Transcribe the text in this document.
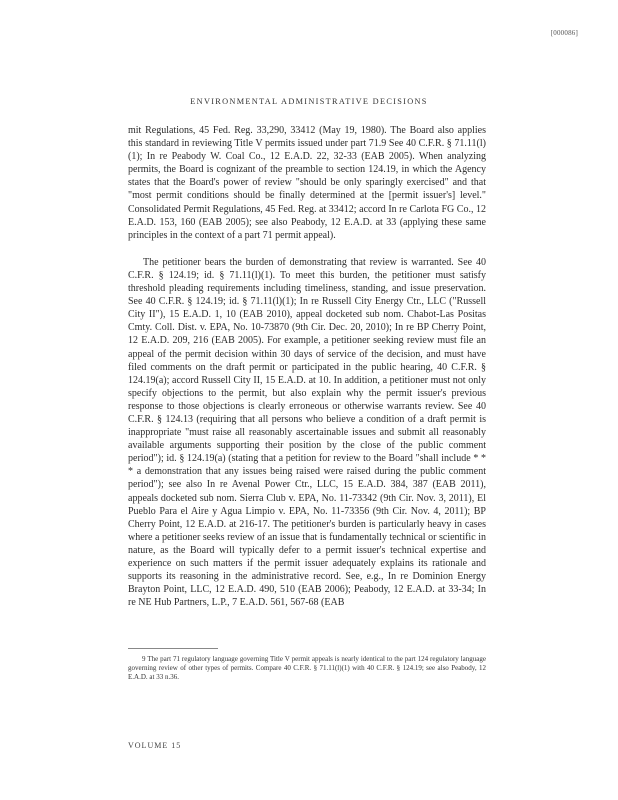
[000086]
ENVIRONMENTAL ADMINISTRATIVE DECISIONS

mit Regulations, 45 Fed. Reg. 33,290, 33412 (May 19, 1980). The Board also applies this standard in reviewing Title V permits issued under part 71.9 See 40 C.F.R. § 71.11(l)(1); In re Peabody W. Coal Co., 12 E.A.D. 22, 32-33 (EAB 2005). When analyzing permits, the Board is cognizant of the preamble to section 124.19, in which the Agency states that the Board's power of review "should be only sparingly exercised" and that "most permit conditions should be finally determined at the [permit issuer's] level." Consolidated Permit Regulations, 45 Fed. Reg. at 33412; accord In re Carlota FG Co., 12 E.A.D. 153, 160 (EAB 2005); see also Peabody, 12 E.A.D. at 33 (applying these same principles in the context of a part 71 permit appeal).

The petitioner bears the burden of demonstrating that review is warranted. See 40 C.F.R. § 124.19; id. § 71.11(l)(1). To meet this burden, the petitioner must satisfy threshold pleading requirements including timeliness, standing, and issue preservation. See 40 C.F.R. § 124.19; id. § 71.11(l)(1); In re Russell City Energy Ctr., LLC ("Russell City II"), 15 E.A.D. 1, 10 (EAB 2010), appeal docketed sub nom. Chabot-Las Positas Cmty. Coll. Dist. v. EPA, No. 10-73870 (9th Cir. Dec. 20, 2010); In re BP Cherry Point, 12 E.A.D. 209, 216 (EAB 2005). For example, a petitioner seeking review must file an appeal of the permit decision within 30 days of service of the decision, and must have filed comments on the draft permit or participated in the public hearing, 40 C.F.R. § 124.19(a); accord Russell City II, 15 E.A.D. at 10. In addition, a petitioner must not only specify objections to the permit, but also explain why the permit issuer's previous response to those objections is clearly erroneous or otherwise warrants review. See 40 C.F.R. § 124.13 (requiring that all persons who believe a condition of a draft permit is inappropriate "must raise all reasonably ascertainable issues and submit all reasonably available arguments supporting their position by the close of the public comment period"); id. § 124.19(a) (stating that a petition for review to the Board "shall include * * * a demonstration that any issues being raised were raised during the public comment period"); see also In re Avenal Power Ctr., LLC, 15 E.A.D. 384, 387 (EAB 2011), appeals docketed sub nom. Sierra Club v. EPA, No. 11-73342 (9th Cir. Nov. 3, 2011), El Pueblo Para el Aire y Agua Limpio v. EPA, No. 11-73356 (9th Cir. Nov. 4, 2011); BP Cherry Point, 12 E.A.D. at 216-17. The petitioner's burden is particularly heavy in cases where a petitioner seeks review of an issue that is fundamentally technical or scientific in nature, as the Board will typically defer to a permit issuer's technical expertise and experience on such matters if the permit issuer adequately explains its rationale and supports its reasoning in the administrative record. See, e.g., In re Dominion Energy Brayton Point, LLC, 12 E.A.D. 490, 510 (EAB 2006); Peabody, 12 E.A.D. at 33-34; In re NE Hub Partners, L.P., 7 E.A.D. 561, 567-68 (EAB

9 The part 71 regulatory language governing Title V permit appeals is nearly identical to the part 124 regulatory language governing review of other types of permits. Compare 40 C.F.R. § 71.11(l)(1) with 40 C.F.R. § 124.19; see also Peabody, 12 E.A.D. at 33 n.36.
VOLUME 15
